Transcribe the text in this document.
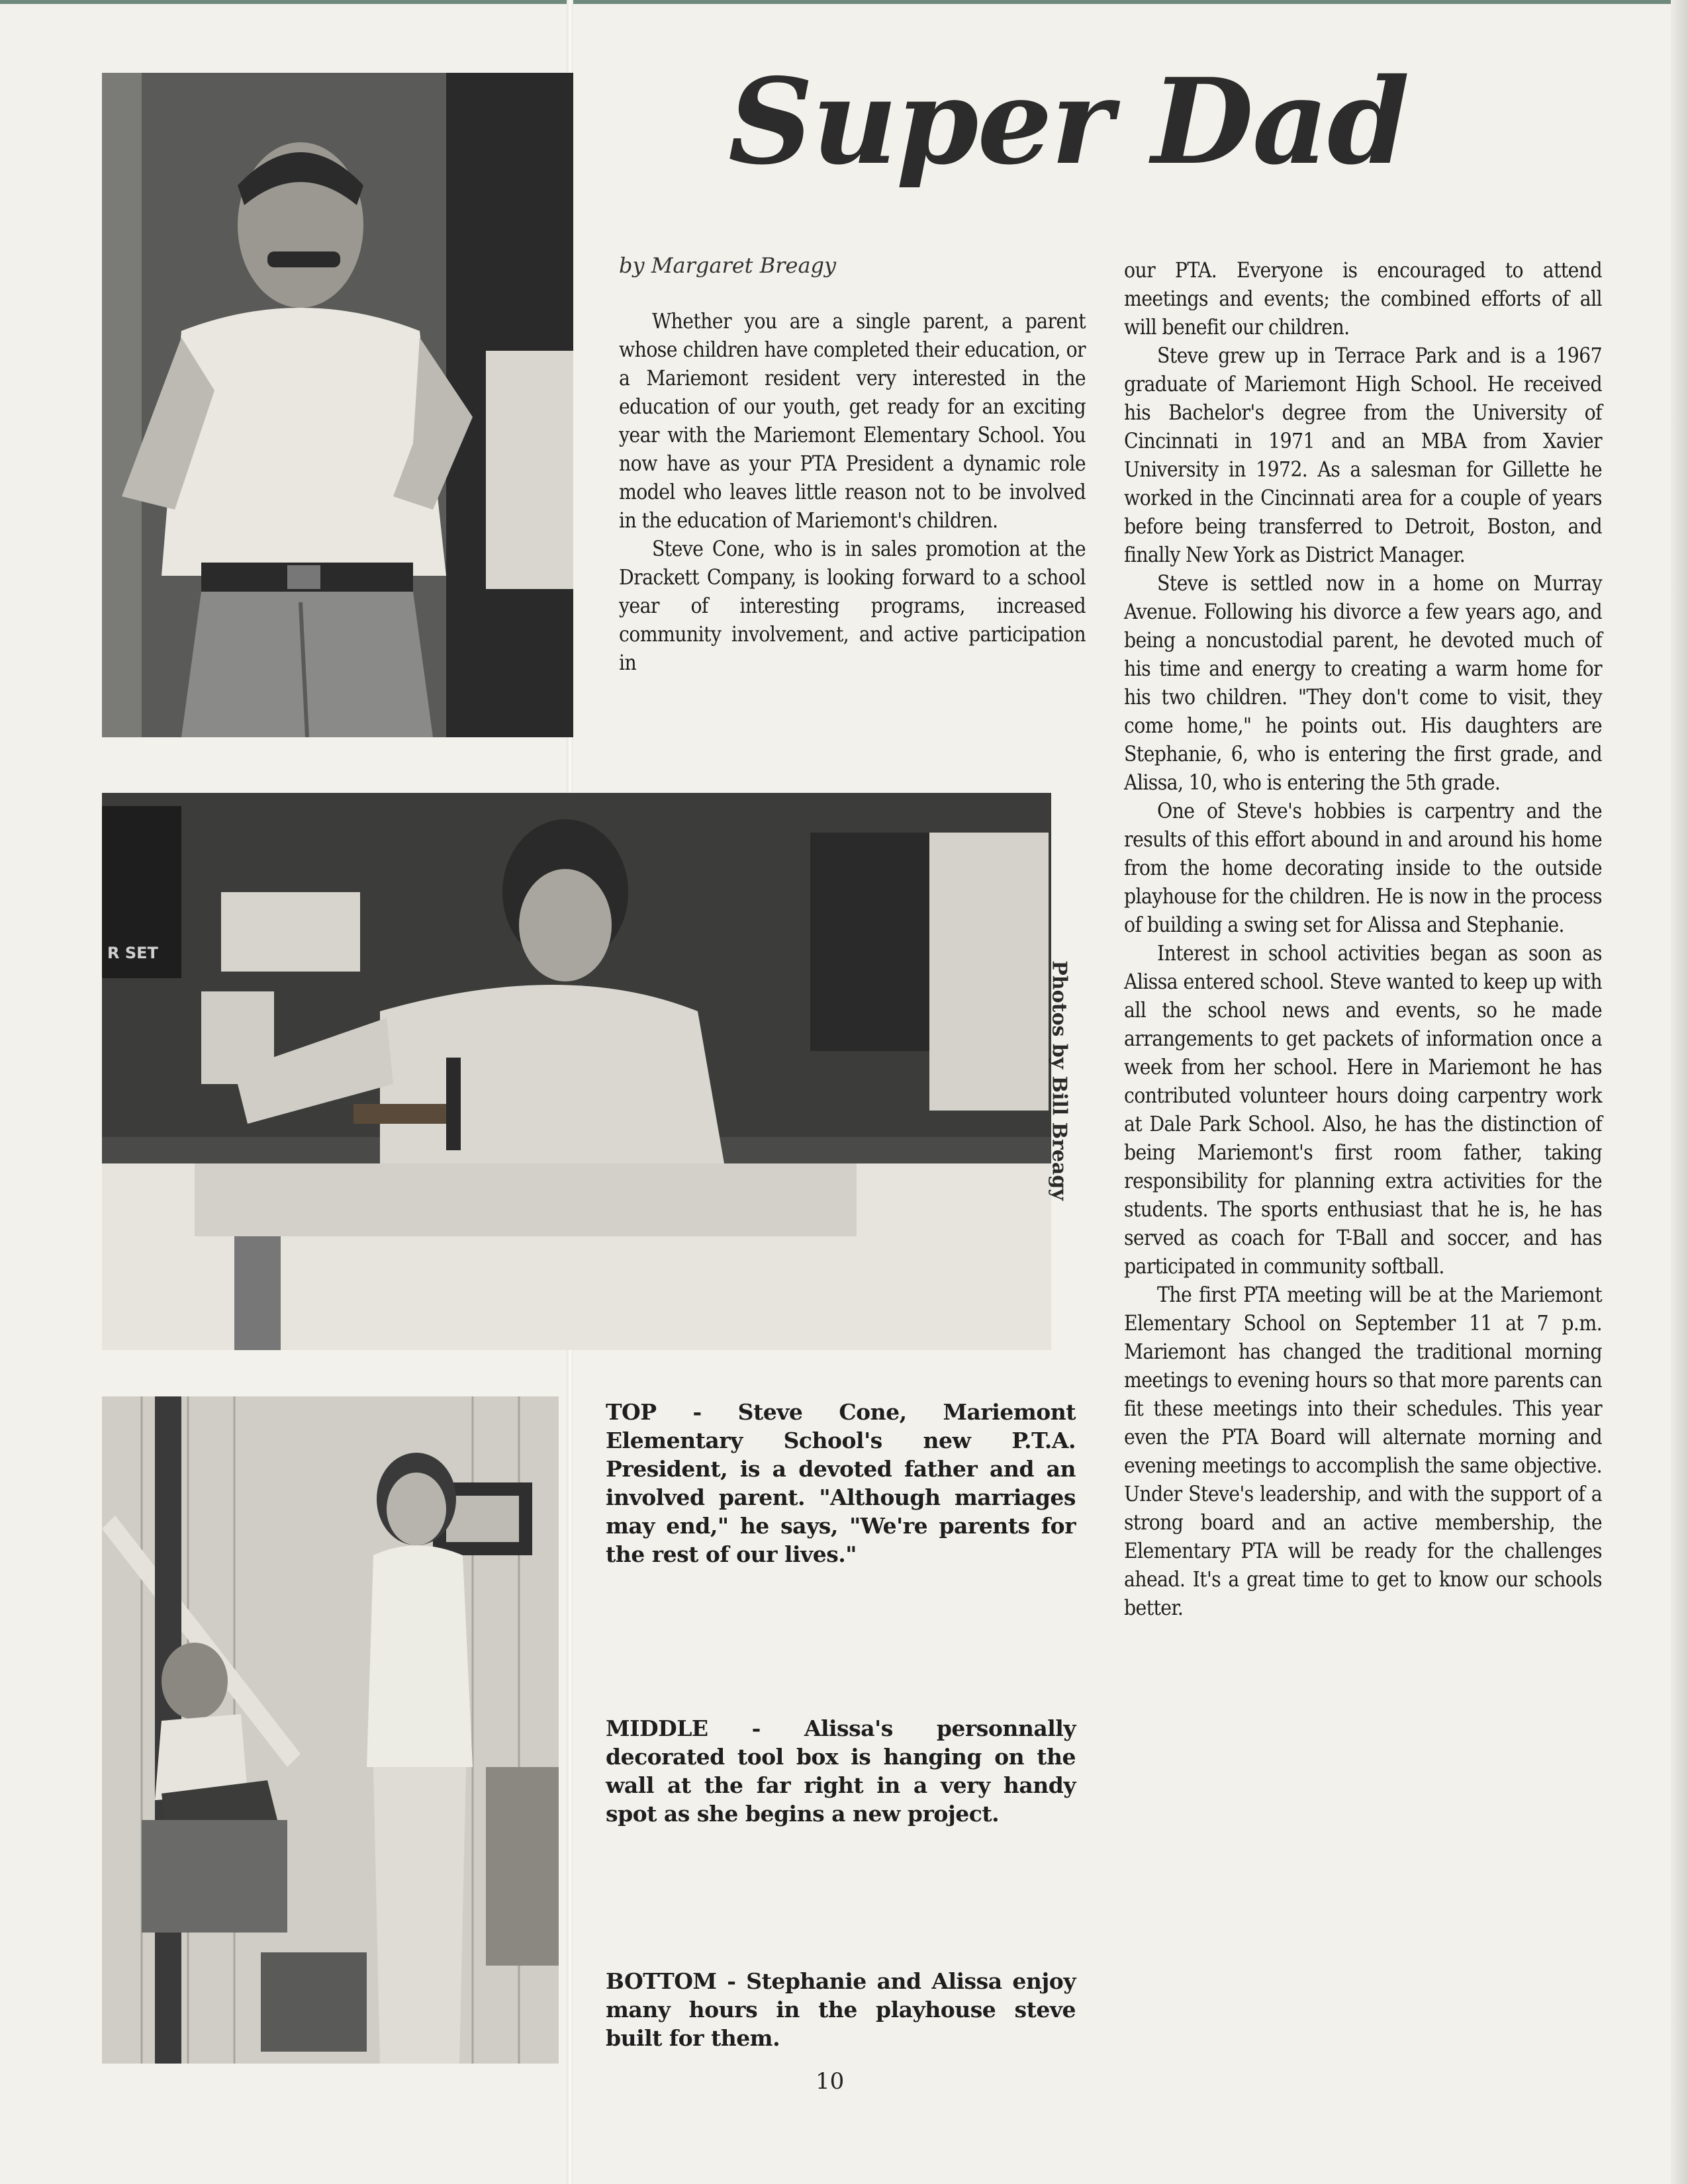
Super Dad
by Margaret Breagy

Whether you are a single parent, a parent whose children have completed their education, or a Mariemont resident very interested in the education of our youth, get ready for an exciting year with the Mariemont Elementary School. You now have as your PTA President a dynamic role model who leaves little reason not to be involved in the education of Mariemont's children.

Steve Cone, who is in sales promotion at the Drackett Company, is looking forward to a school year of interesting programs, increased community involvement, and active participation in

our PTA. Everyone is encouraged to attend meetings and events; the combined efforts of all will benefit our children.

Steve grew up in Terrace Park and is a 1967 graduate of Mariemont High School. He received his Bachelor's degree from the University of Cincinnati in 1971 and an MBA from Xavier University in 1972. As a salesman for Gillette he worked in the Cincinnati area for a couple of years before being transferred to Detroit, Boston, and finally New York as District Manager.

Steve is settled now in a home on Murray Avenue. Following his divorce a few years ago, and being a noncustodial parent, he devoted much of his time and energy to creating a warm home for his two children. "They don't come to visit, they come home," he points out. His daughters are Stephanie, 6, who is entering the first grade, and Alissa, 10, who is entering the 5th grade.

One of Steve's hobbies is carpentry and the results of this effort abound in and around his home from the home decorating inside to the outside playhouse for the children. He is now in the process of building a swing set for Alissa and Stephanie.

Interest in school activities began as soon as Alissa entered school. Steve wanted to keep up with all the school news and events, so he made arrangements to get packets of information once a week from her school. Here in Mariemont he has contributed volunteer hours doing carpentry work at Dale Park School. Also, he has the distinction of being Mariemont's first room father, taking responsibility for planning extra activities for the students. The sports enthusiast that he is, he has served as coach for T-Ball and soccer, and has participated in community softball.

The first PTA meeting will be at the Mariemont Elementary School on September 11 at 7 p.m. Mariemont has changed the traditional morning meetings to evening hours so that more parents can fit these meetings into their schedules. This year even the PTA Board will alternate morning and evening meetings to accomplish the same objective. Under Steve's leadership, and with the support of a strong board and an active membership, the Elementary PTA will be ready for the challenges ahead. It's a great time to get to know our schools better.

R SET
Photos by Bill Breagy
TOP - Steve Cone, Mariemont Elementary School's new P.T.A. President, is a devoted father and an involved parent. "Although marriages may end," he says, "We're parents for the rest of our lives."
MIDDLE - Alissa's personnally decorated tool box is hanging on the wall at the far right in a very handy spot as she begins a new project.
BOTTOM - Stephanie and Alissa enjoy many hours in the playhouse steve built for them.
10
